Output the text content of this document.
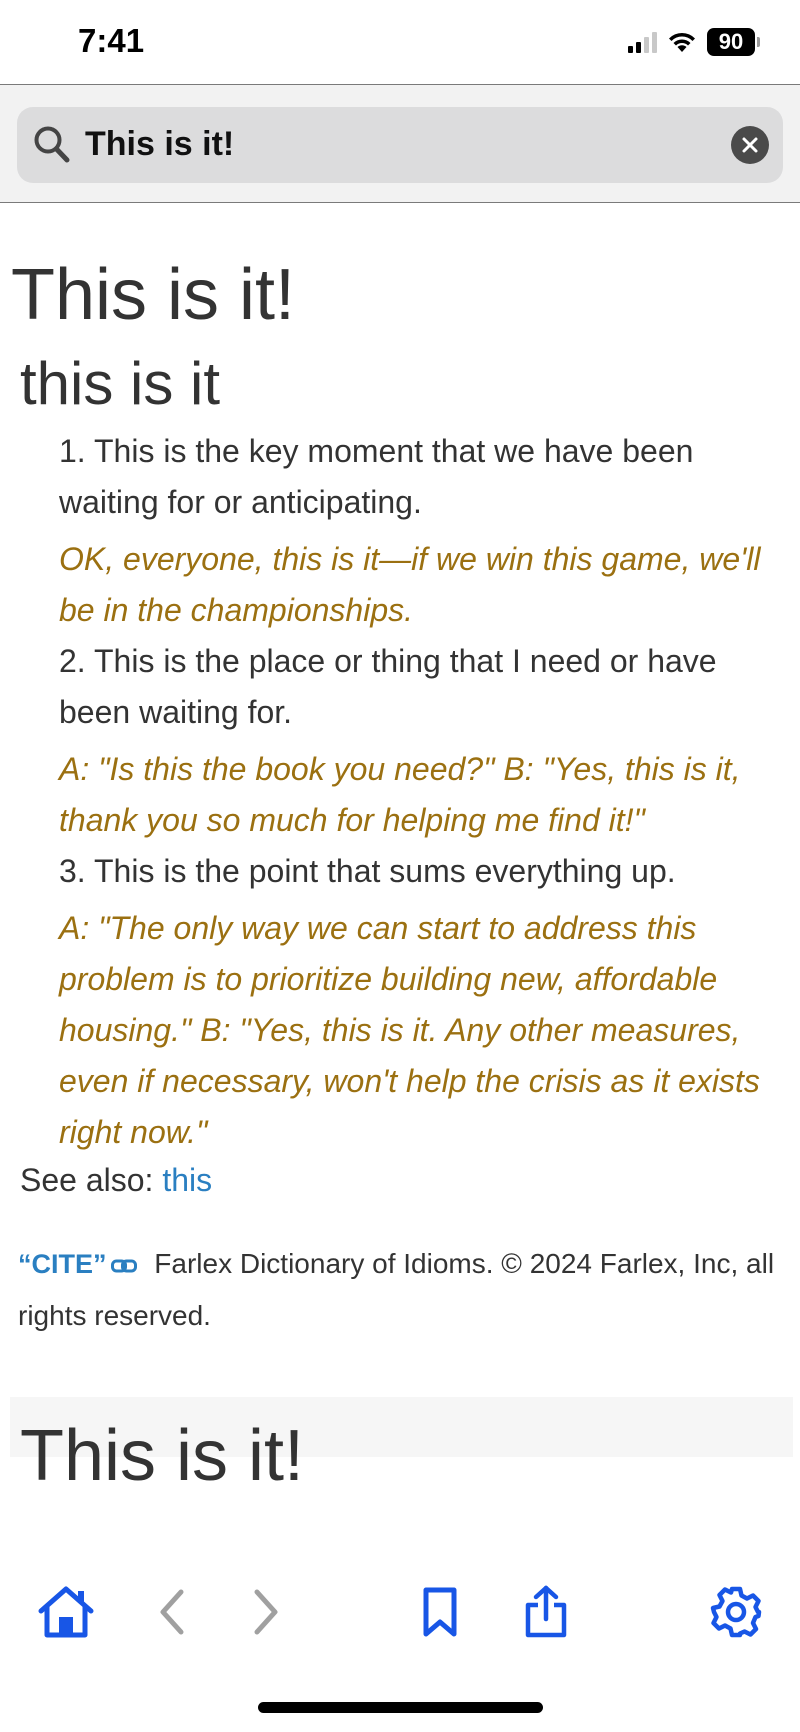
7:41	90
This is it!
This is it!
this is it

1. This is the key moment that we have been waiting for or anticipating.

OK, everyone, this is it—if we win this game, we'll be in the championships.

2. This is the place or thing that I need or have been waiting for.

A: "Is this the book you need?" B: "Yes, this is it, thank you so much for helping me find it!"

3. This is the point that sums everything up.

A: "The only way we can start to address this problem is to prioritize building new, affordable housing." B: "Yes, this is it. Any other measures, even if necessary, won't help the crisis as it exists right now."

See also: this
“CITE” Farlex Dictionary of Idioms. © 2024 Farlex, Inc, all rights reserved.
This is it!
